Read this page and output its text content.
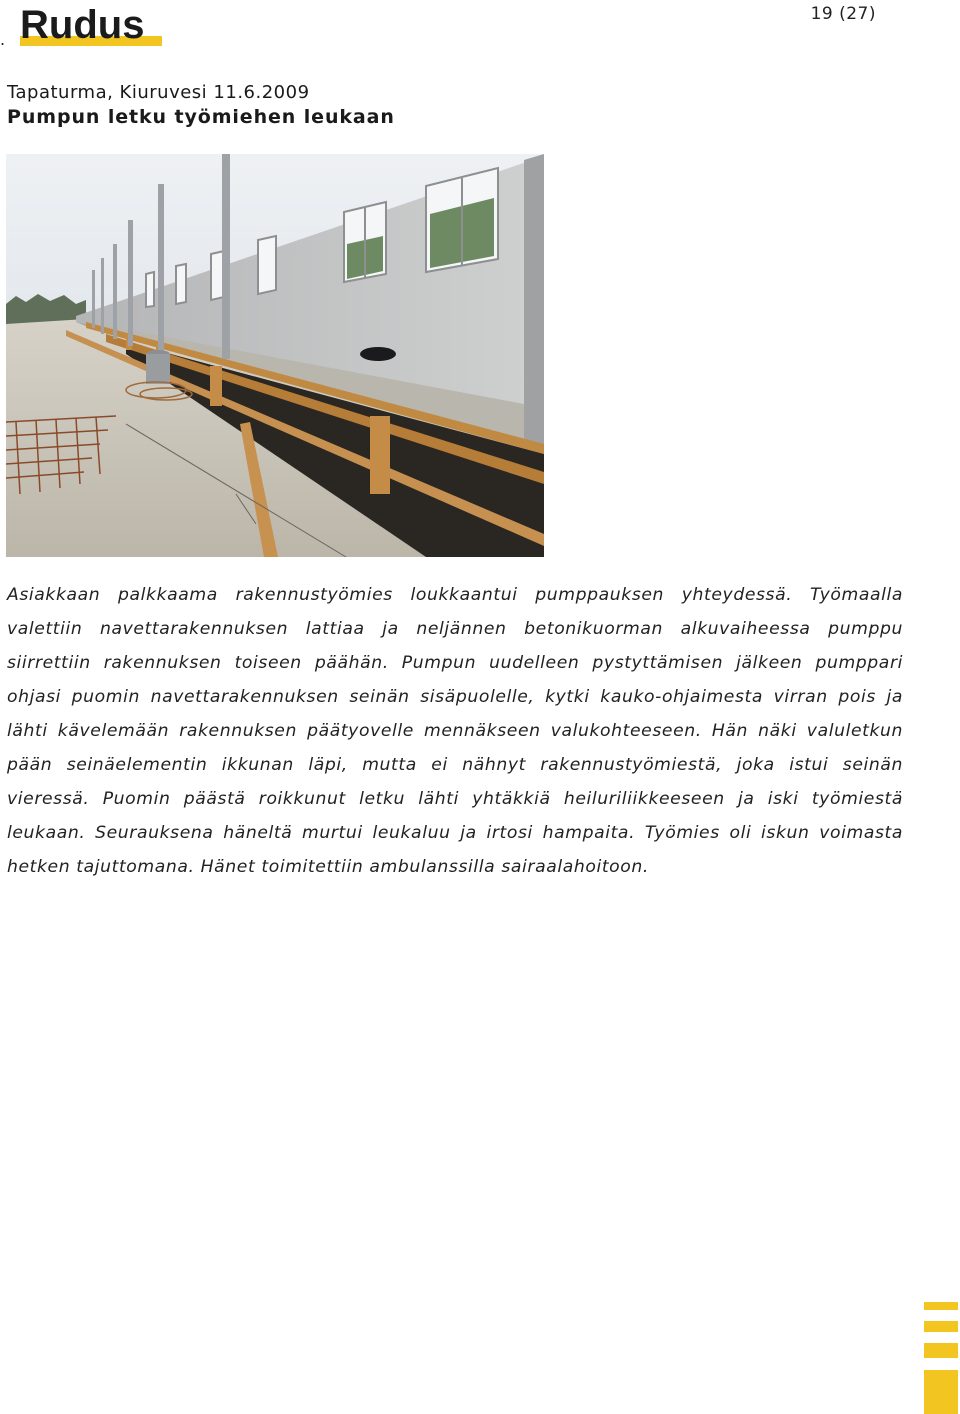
Rudus
.
19 (27)
Tapaturma, Kiuruvesi 11.6.2009
Pumpun letku työmiehen leukaan

Asiakkaan palkkaama rakennustyömies loukkaantui pumppauksen yhteydessä. Työmaalla valettiin navettarakennuksen lattiaa ja neljännen betonikuorman alkuvaiheessa pumppu siirrettiin rakennuksen toiseen päähän. Pumpun uudelleen pystyttämisen jälkeen pumppari ohjasi puomin navettarakennuksen seinän sisäpuolelle, kytki kauko-ohjaimesta virran pois ja lähti kävelemään rakennuksen päätyovelle mennäkseen valukohteeseen. Hän näki valuletkun pään seinäelementin ikkunan läpi, mutta ei nähnyt rakennustyömiestä, joka istui seinän vieressä. Puomin päästä roikkunut letku lähti yhtäkkiä heiluriliikkeeseen ja iski työmiestä leukaan. Seurauksena häneltä murtui leukaluu ja irtosi hampaita. Työmies oli iskun voimasta hetken tajuttomana. Hänet toimitettiin ambulanssilla sairaalahoitoon.
